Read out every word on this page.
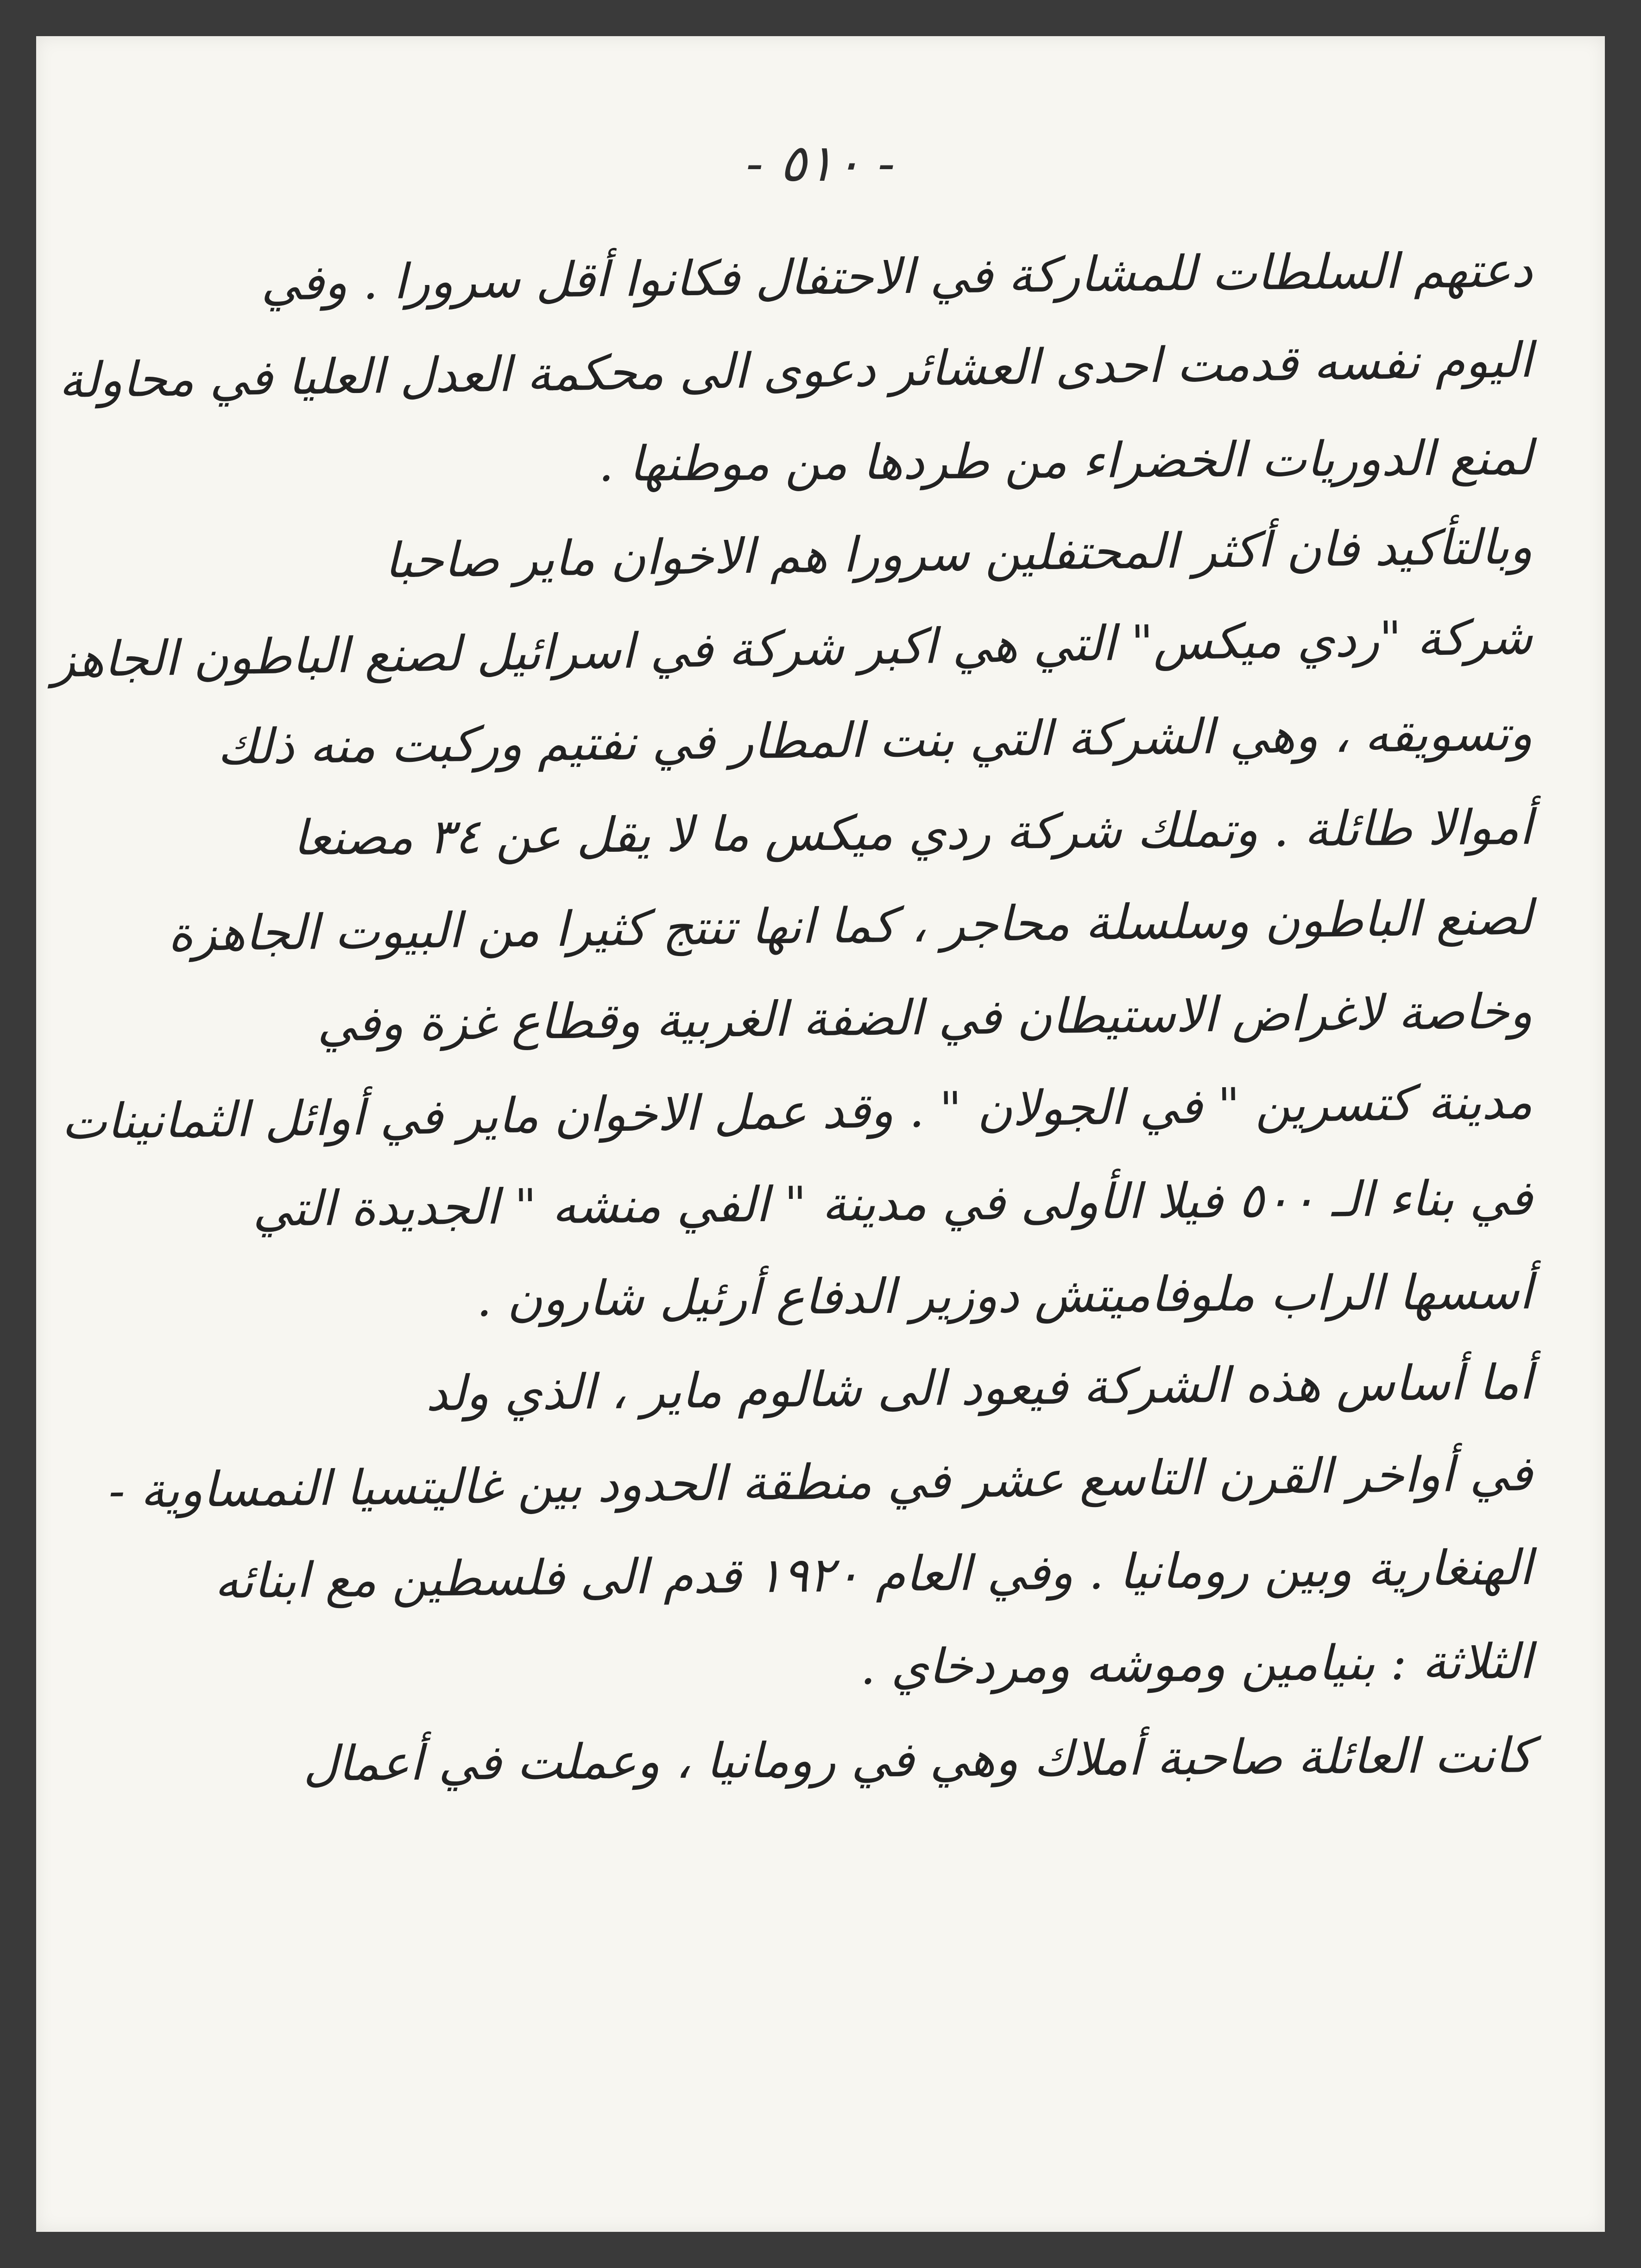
- ٥١٠ -
دعتهم السلطات للمشاركة في الاحتفال فكانوا أقل سرورا . وفي
اليوم نفسه قدمت احدى العشائر دعوى الى محكمة العدل العليا في محاولة
لمنع الدوريات الخضراء من طردها من موطنها .
وبالتأكيد فان أكثر المحتفلين سرورا هم الاخوان ماير صاحبا
شركة "ردي ميكس" التي هي اكبر شركة في اسرائيل لصنع الباطون الجاهز
وتسويقه ، وهي الشركة التي بنت المطار في نفتيم وركبت منه ذلك
أموالا طائلة . وتملك شركة ردي ميكس ما لا يقل عن ٣٤ مصنعا
لصنع الباطون وسلسلة محاجر ، كما انها تنتج كثيرا من البيوت الجاهزة
وخاصة لاغراض الاستيطان في الضفة الغربية وقطاع غزة وفي
مدينة كتسرين " في الجولان " . وقد عمل الاخوان ماير في أوائل الثمانينات
في بناء الـ ٥٠٠ فيلا الأولى في مدينة " الفي منشه " الجديدة التي
أسسها الراب ملوفاميتش دوزير الدفاع أرئيل شارون .
أما أساس هذه الشركة فيعود الى شالوم ماير ، الذي ولد
في أواخر القرن التاسع عشر في منطقة الحدود بين غاليتسيا النمساوية -
الهنغارية وبين رومانيا . وفي العام ١٩٢٠ قدم الى فلسطين مع ابنائه
الثلاثة : بنيامين وموشه ومردخاي .
كانت العائلة صاحبة أملاك وهي في رومانيا ، وعملت في أعمال
